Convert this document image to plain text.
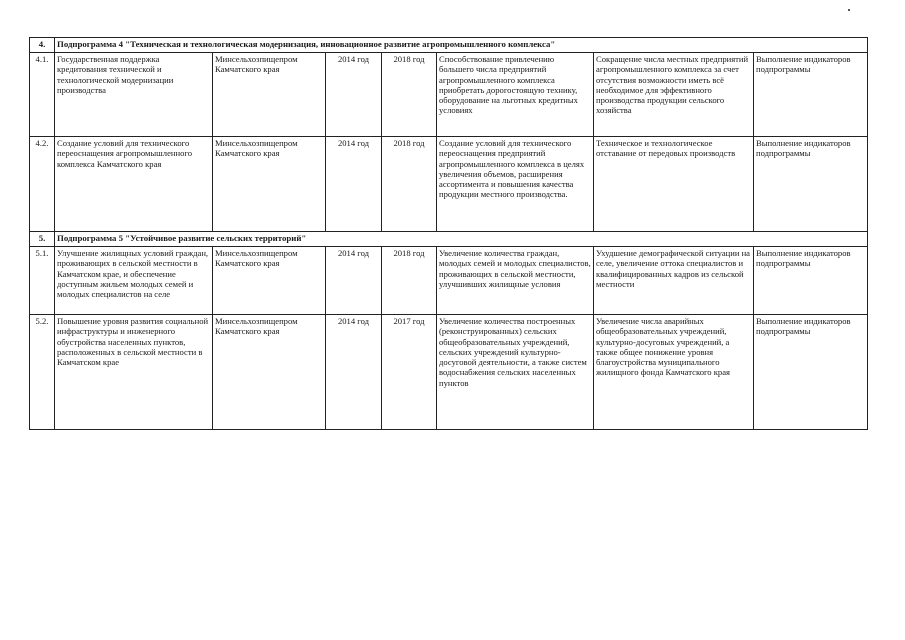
4.	Подпрограмма 4 "Техническая и технологическая модернизация, инновационное развитие агропромышленного комплекса"						
4.1.	Государственная поддержка кредитования технической и технологической модернизации производства	Минсельхозпищепром Камчатского края	2014 год	2018 год	Способствование привлечению большего числа предприятий агропромышленного комплекса приобретать дорогостоящую технику, оборудование на льготных кредитных условиях	Сокращение числа местных предприятий агропромышленного комплекса за счет отсутствия возможности иметь всё необходимое для эффективного производства продукции сельского хозяйства	Выполнение индикаторов подпрограммы
4.2.	Создание условий для технического переоснащения агропромышленного комплекса Камчатского края	Минсельхозпищепром Камчатского края	2014 год	2018 год	Создание условий для технического переоснащения предприятий агропромышленного комплекса в целях увеличения объемов, расширения ассортимента и повышения качества продукции местного производства.	Техническое и технологическое отставание от передовых производств	Выполнение индикаторов подпрограммы
5.	Подпрограмма 5 "Устойчивое развитие сельских территорий"						
5.1.	Улучшение жилищных условий граждан, проживающих в сельской местности в Камчатском крае, и обеспечение доступным жильем молодых семей и молодых специалистов на селе	Минсельхозпищепром Камчатского края	2014 год	2018 год	Увеличение количества граждан, молодых семей и молодых специалистов, проживающих в сельской местности, улучшивших жилищные условия	Ухудшение демографической ситуации на селе, увеличение оттока специалистов и квалифицированных кадров из сельской местности	Выполнение индикаторов подпрограммы
5.2.	Повышение уровня развития социальной инфраструктуры и инженерного обустройства населенных пунктов, расположенных в сельской местности в Камчатском крае	Минсельхозпищепром Камчатского края	2014 год	2017 год	Увеличение количества построенных (реконструированных) сельских общеобразовательных учреждений, сельских учреждений культурно-досуговой деятельности, а также систем водоснабжения сельских населенных пунктов	Увеличение числа аварийных общеобразовательных учреждений, культурно-досуговых учреждений, а также общее понижение уровня благоустройства муниципального жилищного фонда Камчатского края	Выполнение индикаторов подпрограммы
